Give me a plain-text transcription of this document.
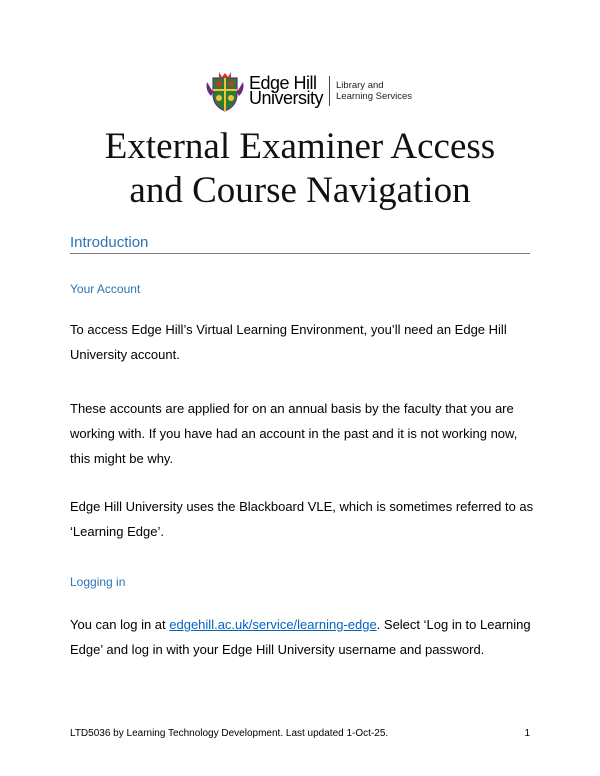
Edge Hill
University
Library and
Learning Services
External Examiner Access
and Course Navigation
Introduction
Your Account
To access Edge Hill’s Virtual Learning Environment, you’ll need an Edge Hill
University account.
These accounts are applied for on an annual basis by the faculty that you are
working with. If you have had an account in the past and it is not working now,
this might be why.
Edge Hill University uses the Blackboard VLE, which is sometimes referred to as
‘Learning Edge’.
Logging in
You can log in at edgehill.ac.uk/service/learning-edge. Select ‘Log in to Learning
Edge’ and log in with your Edge Hill University username and password.
LTD5036 by Learning Technology Development. Last updated 1-Oct-25.	1
